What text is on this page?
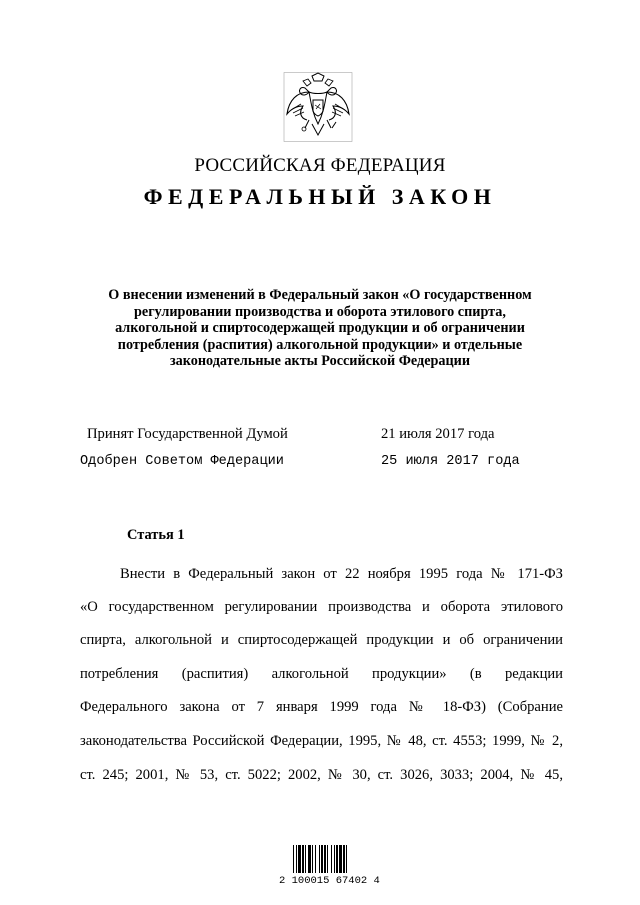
РОССИЙСКАЯ ФЕДЕРАЦИЯ
ФЕДЕРАЛЬНЫЙ ЗАКОН
О внесении изменений в Федеральный закон «О государственном
регулировании производства и оборота этилового спирта,
алкогольной и спиртосодержащей продукции и об ограничении
потребления (распития) алкогольной продукции» и отдельные
законодательные акты Российской Федерации
Принят Государственной Думой	21 июля 2017 года
Одобрен Советом Федерации	25 июля 2017 года
Статья 1
Внести в Федеральный закон от 22 ноября 1995 года № 171-ФЗ
«О государственном регулировании производства и оборота этилового
спирта, алкогольной и спиртосодержащей продукции и об ограничении
потребления (распития) алкогольной продукции» (в редакции
Федерального закона от 7 января 1999 года № 18-ФЗ) (Собрание
законодательства Российской Федерации, 1995, № 48, ст. 4553; 1999, № 2,
ст. 245; 2001, № 53, ст. 5022; 2002, № 30, ст. 3026, 3033; 2004, № 45,
2 100015 67402 4
